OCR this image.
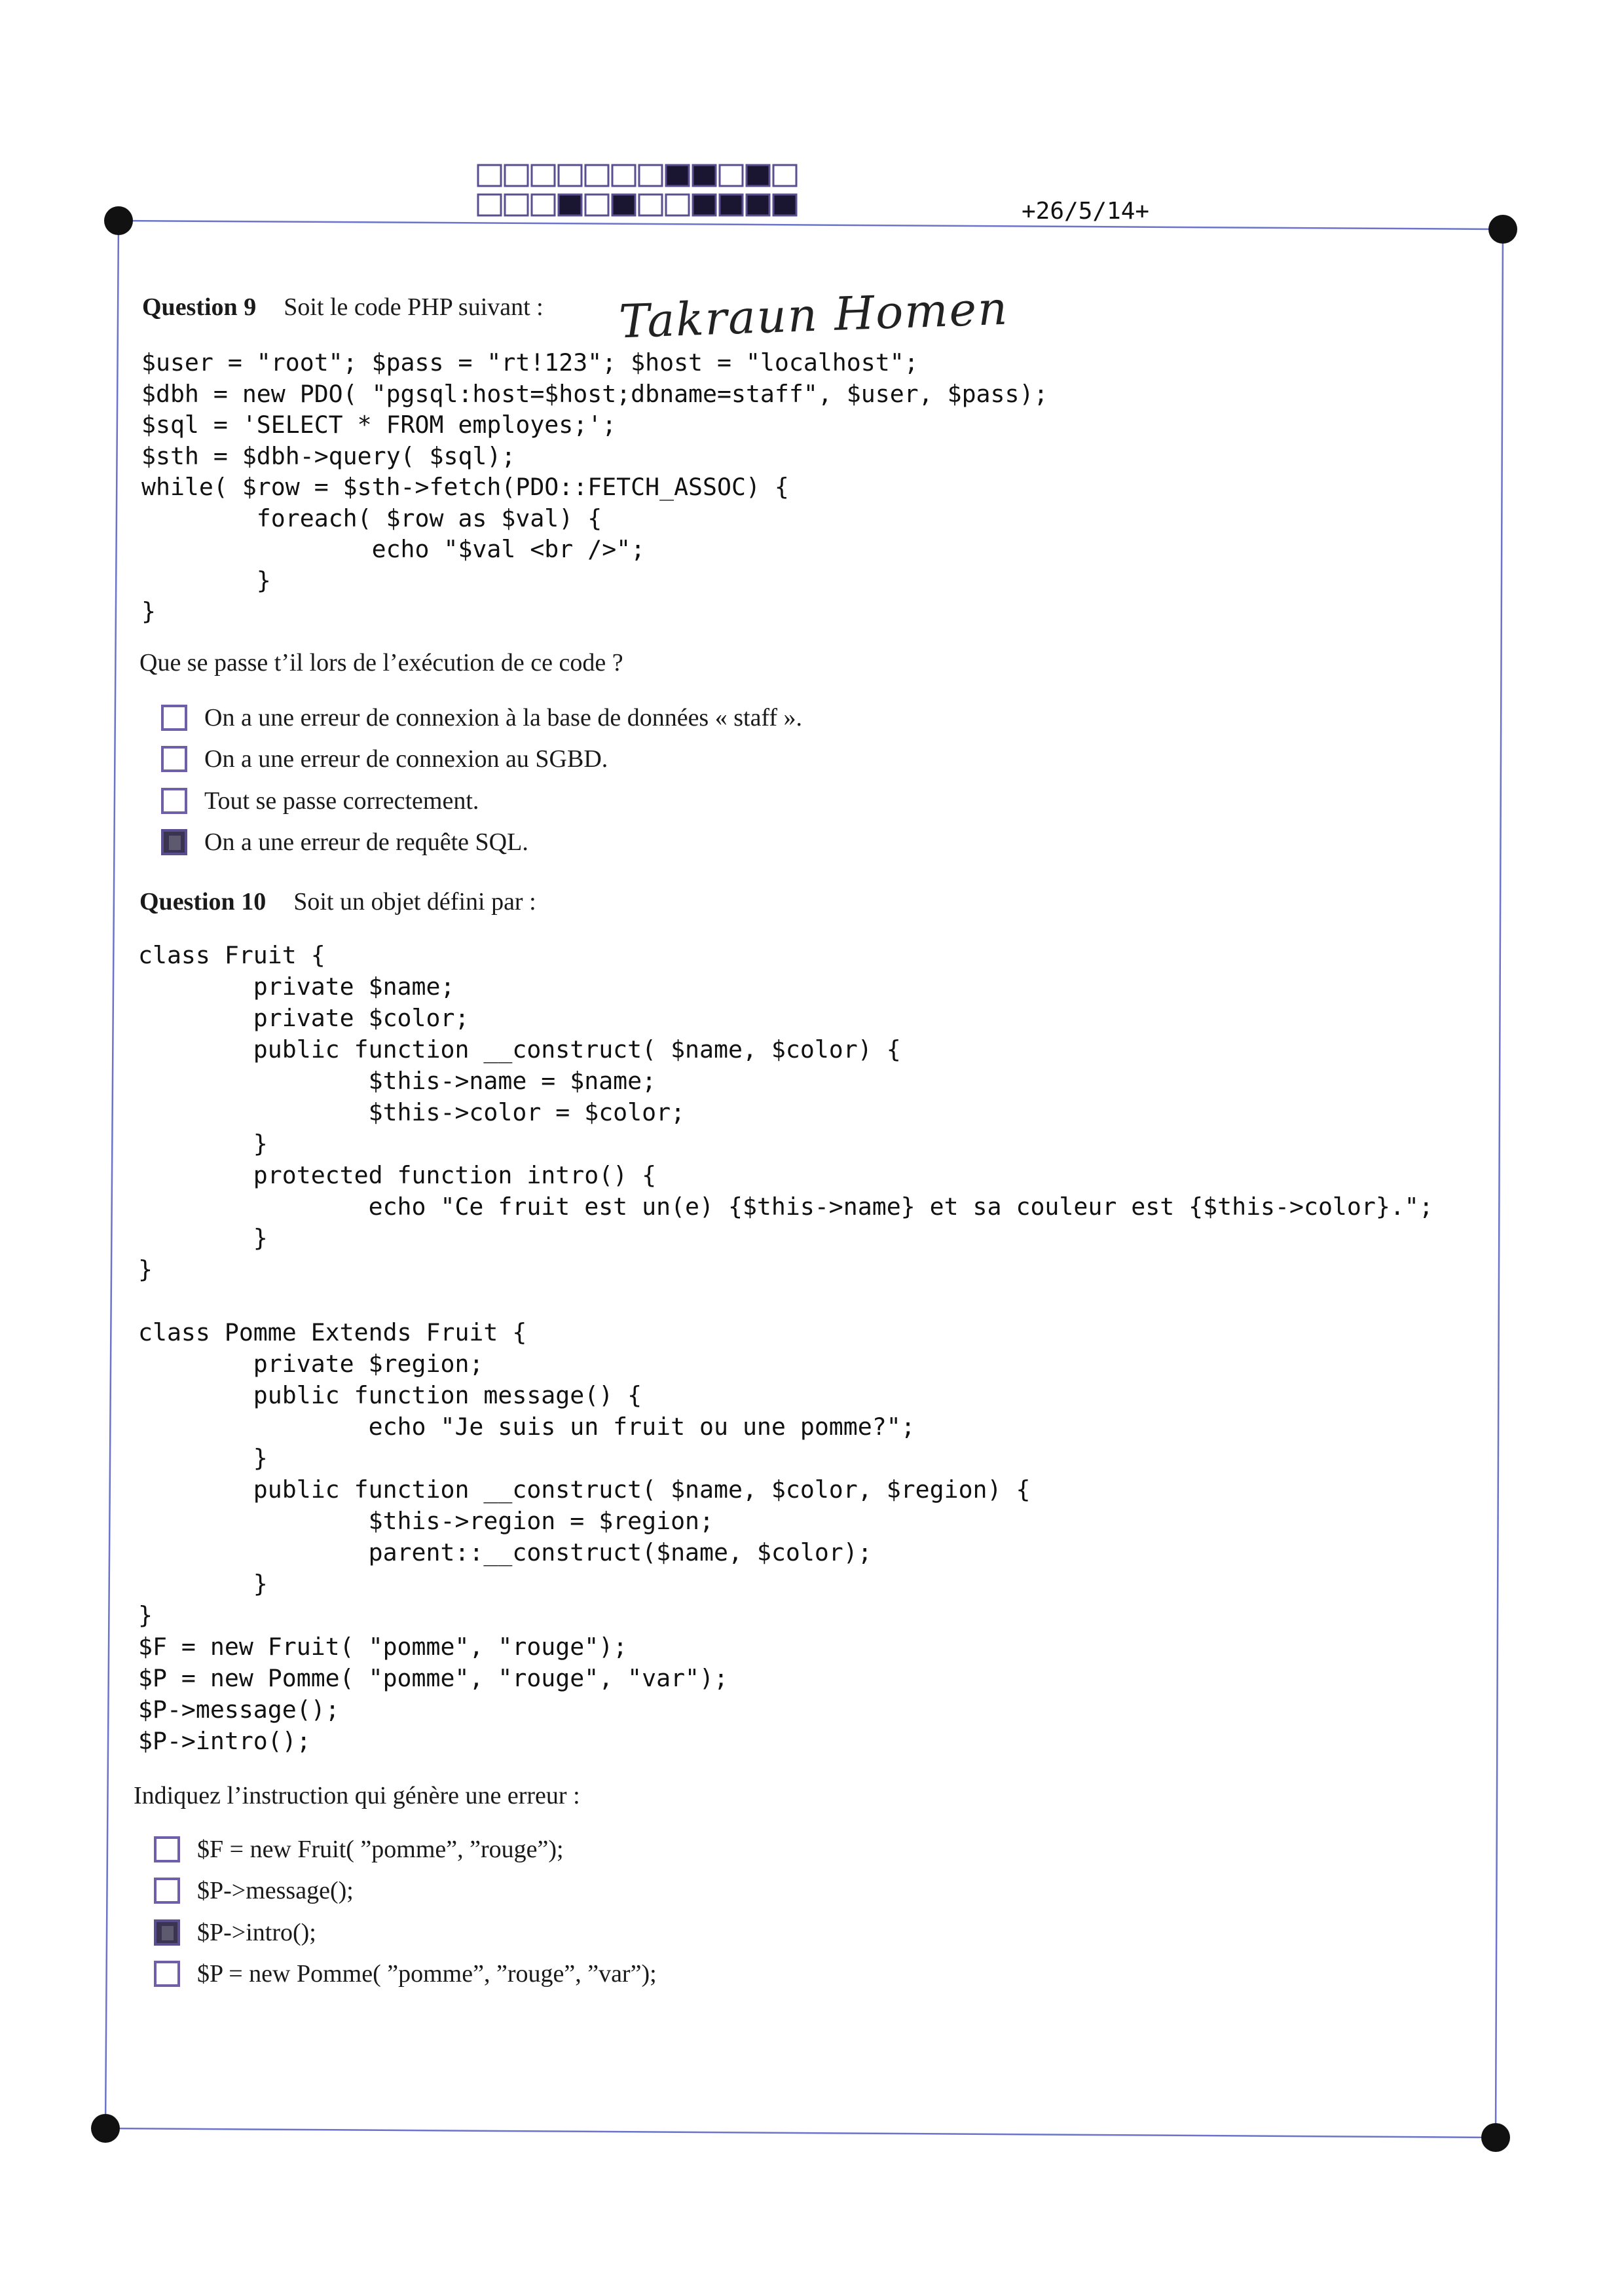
+26/5/14+
Takraun Homen
Question 9 Soit le code PHP suivant :
$user = "root"; $pass = "rt!123"; $host = "localhost";
$dbh = new PDO( "pgsql:host=$host;dbname=staff", $user, $pass);
$sql = 'SELECT * FROM employes;';
$sth = $dbh->query( $sql);
while( $row = $sth->fetch(PDO::FETCH_ASSOC) {
foreach( $row as $val) {
echo "$val <br />";
}
}
Que se passe t’il lors de l’exécution de ce code ?
On a une erreur de connexion à la base de données « staff ».
On a une erreur de connexion au SGBD.
Tout se passe correctement.
On a une erreur de requête SQL.
Question 10 Soit un objet défini par :
class Fruit {
private $name;
private $color;
public function __construct( $name, $color) {
$this->name = $name;
$this->color = $color;
}
protected function intro() {
echo "Ce fruit est un(e) {$this->name} et sa couleur est {$this->color}.";
}
}

class Pomme Extends Fruit {
private $region;
public function message() {
echo "Je suis un fruit ou une pomme?";
}
public function __construct( $name, $color, $region) {
$this->region = $region;
parent::__construct($name, $color);
}
}
$F = new Fruit( "pomme", "rouge");
$P = new Pomme( "pomme", "rouge", "var");
$P->message();
$P->intro();
Indiquez l’instruction qui génère une erreur :
$F = new Fruit( ”pomme”, ”rouge”);
$P->message();
$P->intro();
$P = new Pomme( ”pomme”, ”rouge”, ”var”);
